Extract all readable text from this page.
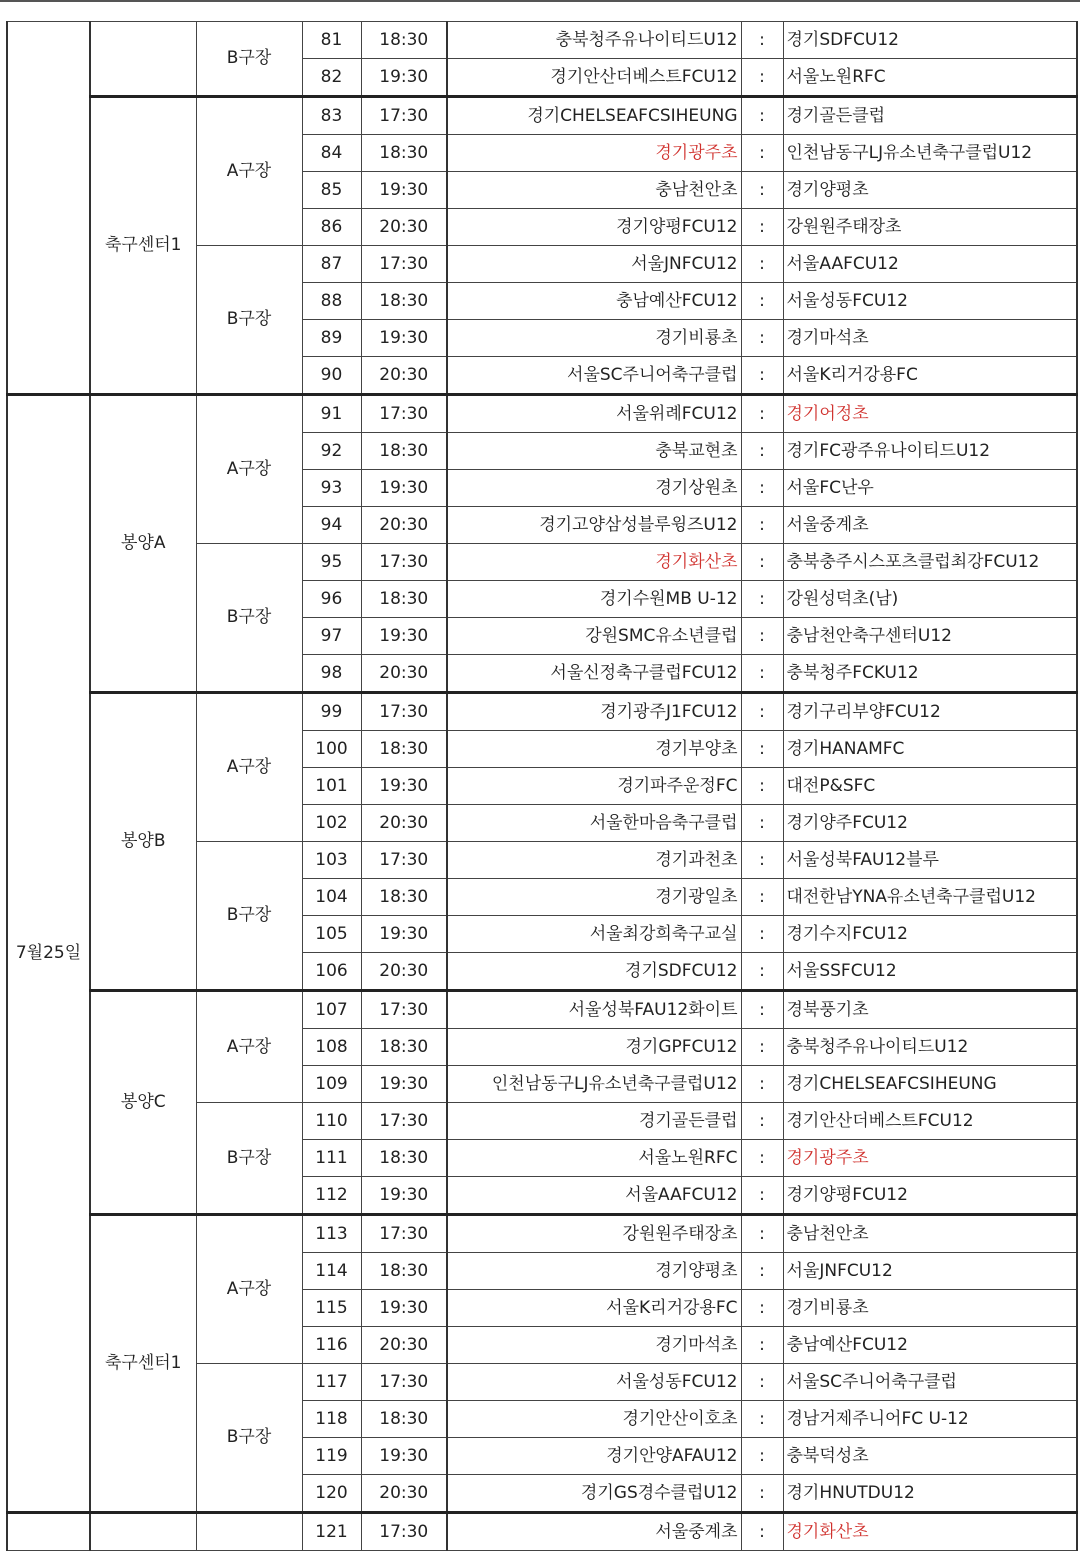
		B구장	81	18:30	충북청주유나이티드U12	:	경기SDFCU12
			82	19:30	경기안산더베스트FCU12	:	서울노원RFC
	축구센터1	A구장	83	17:30	경기CHELSEAFCSIHEUNG	:	경기골든클럽
			84	18:30	경기광주초	:	인천남동구LJ유소년축구클럽U12
			85	19:30	충남천안초	:	경기양평초
			86	20:30	경기양평FCU12	:	강원원주태장초
		B구장	87	17:30	서울JNFCU12	:	서울AAFCU12
			88	18:30	충남예산FCU12	:	서울성동FCU12
			89	19:30	경기비룡초	:	경기마석초
			90	20:30	서울SC주니어축구클럽	:	서울K리거강용FC
7월25일	봉양A	A구장	91	17:30	서울위례FCU12	:	경기어정초
			92	18:30	충북교현초	:	경기FC광주유나이티드U12
			93	19:30	경기상원초	:	서울FC난우
			94	20:30	경기고양삼성블루윙즈U12	:	서울중계초
		B구장	95	17:30	경기화산초	:	충북충주시스포츠클럽최강FCU12
			96	18:30	경기수원MB U-12	:	강원성덕초(남)
			97	19:30	강원SMC유소년클럽	:	충남천안축구센터U12
			98	20:30	서울신정축구클럽FCU12	:	충북청주FCKU12
	봉양B	A구장	99	17:30	경기광주J1FCU12	:	경기구리부양FCU12
			100	18:30	경기부양초	:	경기HANAMFC
			101	19:30	경기파주운정FC	:	대전P&SFC
			102	20:30	서울한마음축구클럽	:	경기양주FCU12
		B구장	103	17:30	경기과천초	:	서울성북FAU12블루
			104	18:30	경기광일초	:	대전한남YNA유소년축구클럽U12
			105	19:30	서울최강희축구교실	:	경기수지FCU12
			106	20:30	경기SDFCU12	:	서울SSFCU12
	봉양C	A구장	107	17:30	서울성북FAU12화이트	:	경북풍기초
			108	18:30	경기GPFCU12	:	충북청주유나이티드U12
			109	19:30	인천남동구LJ유소년축구클럽U12	:	경기CHELSEAFCSIHEUNG
		B구장	110	17:30	경기골든클럽	:	경기안산더베스트FCU12
			111	18:30	서울노원RFC	:	경기광주초
			112	19:30	서울AAFCU12	:	경기양평FCU12
	축구센터1	A구장	113	17:30	강원원주태장초	:	충남천안초
			114	18:30	경기양평초	:	서울JNFCU12
			115	19:30	서울K리거강용FC	:	경기비룡초
			116	20:30	경기마석초	:	충남예산FCU12
		B구장	117	17:30	서울성동FCU12	:	서울SC주니어축구클럽
			118	18:30	경기안산이호초	:	경남거제주니어FC U-12
			119	19:30	경기안양AFAU12	:	충북덕성초
			120	20:30	경기GS경수클럽U12	:	경기HNUTDU12
			121	17:30	서울중계초	:	경기화산초
